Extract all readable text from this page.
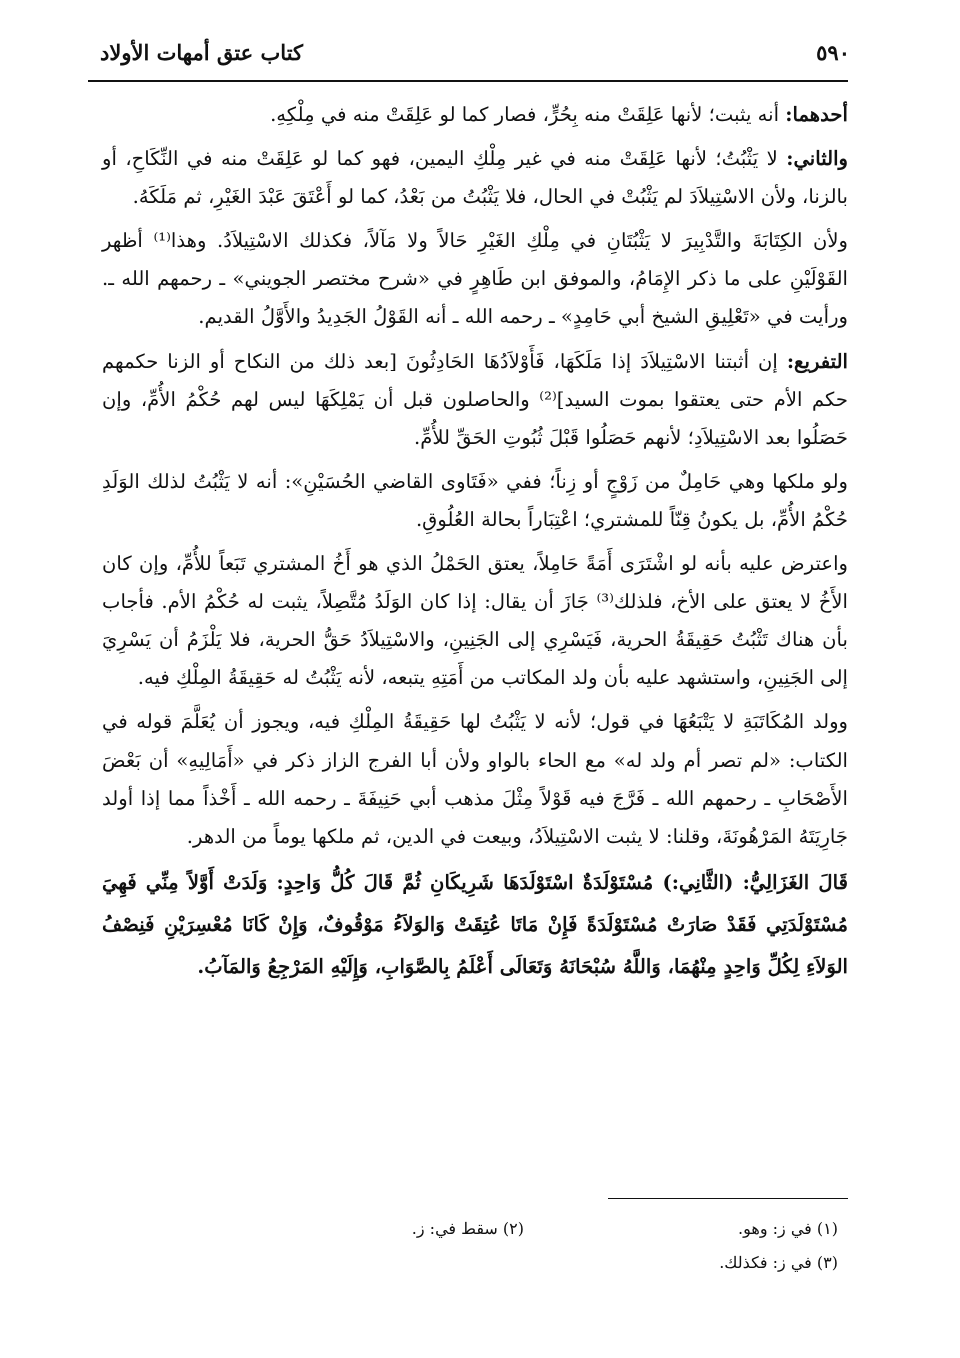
٥٩٠
كتاب عتق أمهات الأولاد

أحدهما: أنه يثبت؛ لأنها عَلِقَتْ منه بِحُرٍّ، فصار كما لو عَلِقَتْ منه في مِلْكِهِ.

والثاني: لا يَثْبُتُ؛ لأنها عَلِقَتْ منه في غير مِلْكِ اليمين، فهو كما لو عَلِقَتْ منه في النِّكَاحِ، أو بالزنا، ولأن الاسْتِيلاَدَ لم يَثْبُتْ في الحال، فلا يَثْبُتُ من بَعْدُ، كما لو أَعْتَقَ عَبْدَ الغَيْرِ، ثم مَلَكَهُ.

ولأن الكِتَابَةَ والتَّدْبِيرَ لا يَثْبُتَانِ في مِلْكِ الغَيْرِ حَالاً ولا مَآلاً، فكذلك الاسْتِيلاَدُ. وهذا⁽¹⁾ أظهر القَوْلَيْنِ على ما ذكر الإِمَامُ، والموفق ابن طَاهِرٍ في «شرح مختصر الجويني» ـ رحمهم الله ـ. ورأيت في «تَعْلِيقِ الشيخ أبي حَامِدٍ» ـ رحمه الله ـ أنه القَوْلُ الجَدِيدُ والأَوَّلُ القديم.

التفريع: إن أثبتنا الاسْتِيلاَدَ إذا مَلَكَهَا، فَأَوْلاَدُهَا الحَادِثُونَ [بعد ذلك من النكاح أو الزنا حكمهم حكم الأم حتى يعتقوا بموت السيد]⁽²⁾ والحاصلون قبل أن يَمْلِكَهَا ليس لهم حُكْمُ الأُمِّ، وإن حَصَلُوا بعد الاسْتِيلاَدِ؛ لأنهم حَصَلُوا قَبْلَ ثُبُوتِ الحَقِّ للأُمِّ.

ولو ملكها وهي حَامِلٌ من زَوْجٍ أو زِناً؛ ففي «فَتَاوى القاضي الحُسَيْنِ»: أنه لا يَثْبُتُ لذلك الوَلَدِ حُكْمُ الأُمِّ، بل يكونُ قِنّاً للمشتري؛ اعْتِبَاراً بحالة العُلُوقِ.

واعترض عليه بأنه لو اشْتَرَى أَمَةً حَامِلاً، يعتق الحَمْلُ الذي هو أَخُ المشتري تَبَعاً للأُمِّ، وإن كان الأَخُ لا يعتق على الأخ، فلذلك⁽³⁾ جَازَ أن يقال: إذا كان الوَلَدُ مُتَّصِلاً، يثبت له حُكْمُ الأم. فأجاب بأن هناك تَثْبُتُ حَقِيقَةُ الحرية، فَيَسْرِي إلى الجَنِينِ، والاسْتِيلاَدُ حَقُّ الحرية، فلا يَلْزَمُ أن يَسْرِيَ إلى الجَنِينِ، واستشهد عليه بأن ولد المكاتب من أَمَتِهِ يتبعه، لأنه يَثْبُتُ له حَقِيقَةُ المِلْكِ فيه.

وولد المُكَاتَبَةِ لا يَتْبَعُهَا في قول؛ لأنه لا يَثْبُتُ لها حَقِيقَةُ المِلْكِ فيه، ويجوز أن يُعَلَّمَ قوله في الكتاب: «لم تصر أم ولد له» مع الحاء بالواو ولأن أبا الفرج الزاز ذكر في «أَمَالِيهِ» أن بَعْضَ الأَصْحَابِ ـ رحمهم الله ـ فَرَّجَ فيه قَوْلاً مِثْلَ مذهب أبي حَنِيفَةَ ـ رحمه الله ـ أَخْذاً مما إذا أولد جَارِيَتَهُ المَرْهُونَةَ، وقلنا: لا يثبت الاسْتِيلاَدُ، وبيعت في الدين، ثم ملكها يوماً من الدهر.

قَالَ الغَزَالِيُّ: (الثَّانِي:) مُسْتَوْلَدَةٌ اسْتَوْلَدَهَا شَرِيكَانِ ثُمَّ قَالَ كُلُّ وَاحِدٍ: وَلَدَتْ أَوَّلاً مِنِّي فَهِيَ مُسْتَوْلَدَتِي فَقَدْ صَارَتْ مُسْتَوْلَدَةً فَإِنْ مَاتَا عُتِقَتْ وَالوَلاَءُ مَوْقُوفٌ، وَإِنْ كَانَا مُعْسِرَيْنِ فَنِصْفُ الوَلاَءِ لِكُلِّ وَاحِدٍ مِنْهُمَا، وَاللَّهُ سُبْحَانَهُ وَتَعَالَى أَعْلَمُ بِالصَّوَابِ، وَإِلَيْهِ المَرْجِعُ وَالمَآبُ.

(١) في ز: وهو.
(٢) سقط في: ز.
(٣) في ز: فكذلك.
